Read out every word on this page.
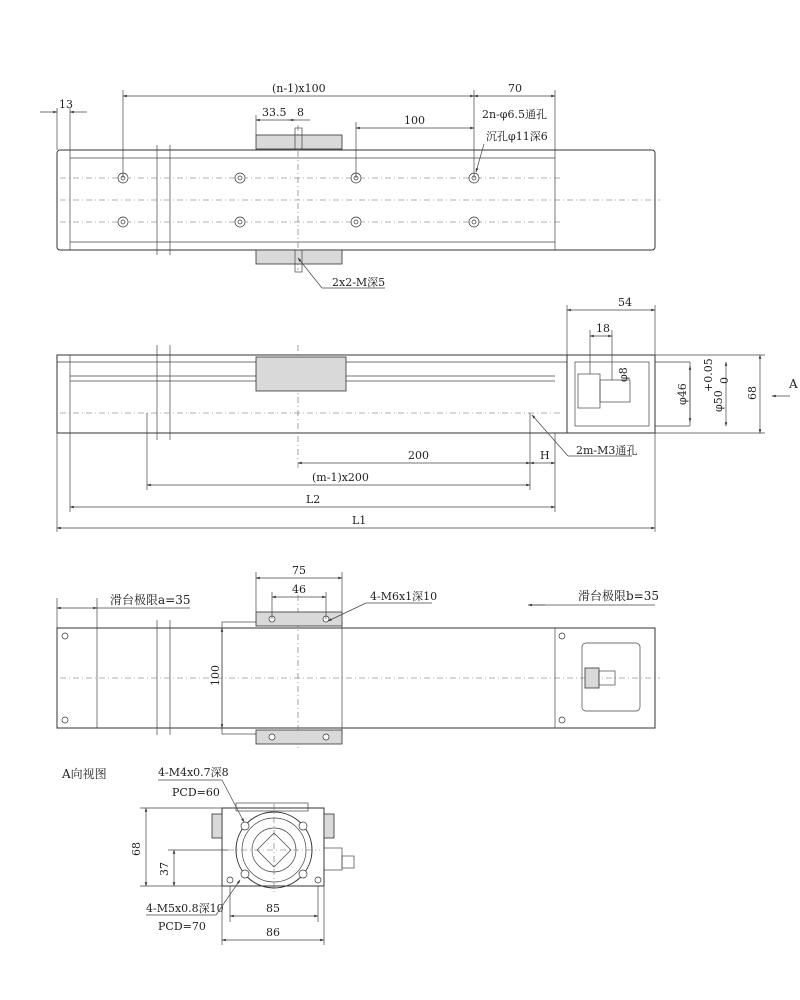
13
(n-1)x100	70
33.5 8
100	2n-φ6.5通孔
沉孔φ11深6
2x2-M深5
54
18
φ8
φ46 φ50
+0.05 0
68
A
200	H 2m-M3通孔
(m-1)x200
L2
L1
75
46
4-M6x1深10
100
滑台极限a=35	滑台极限b=35
A向视图	4-M4x0.7深8
PCD=60
68
37
4-M5x0.8深10
PCD=70
85
86
